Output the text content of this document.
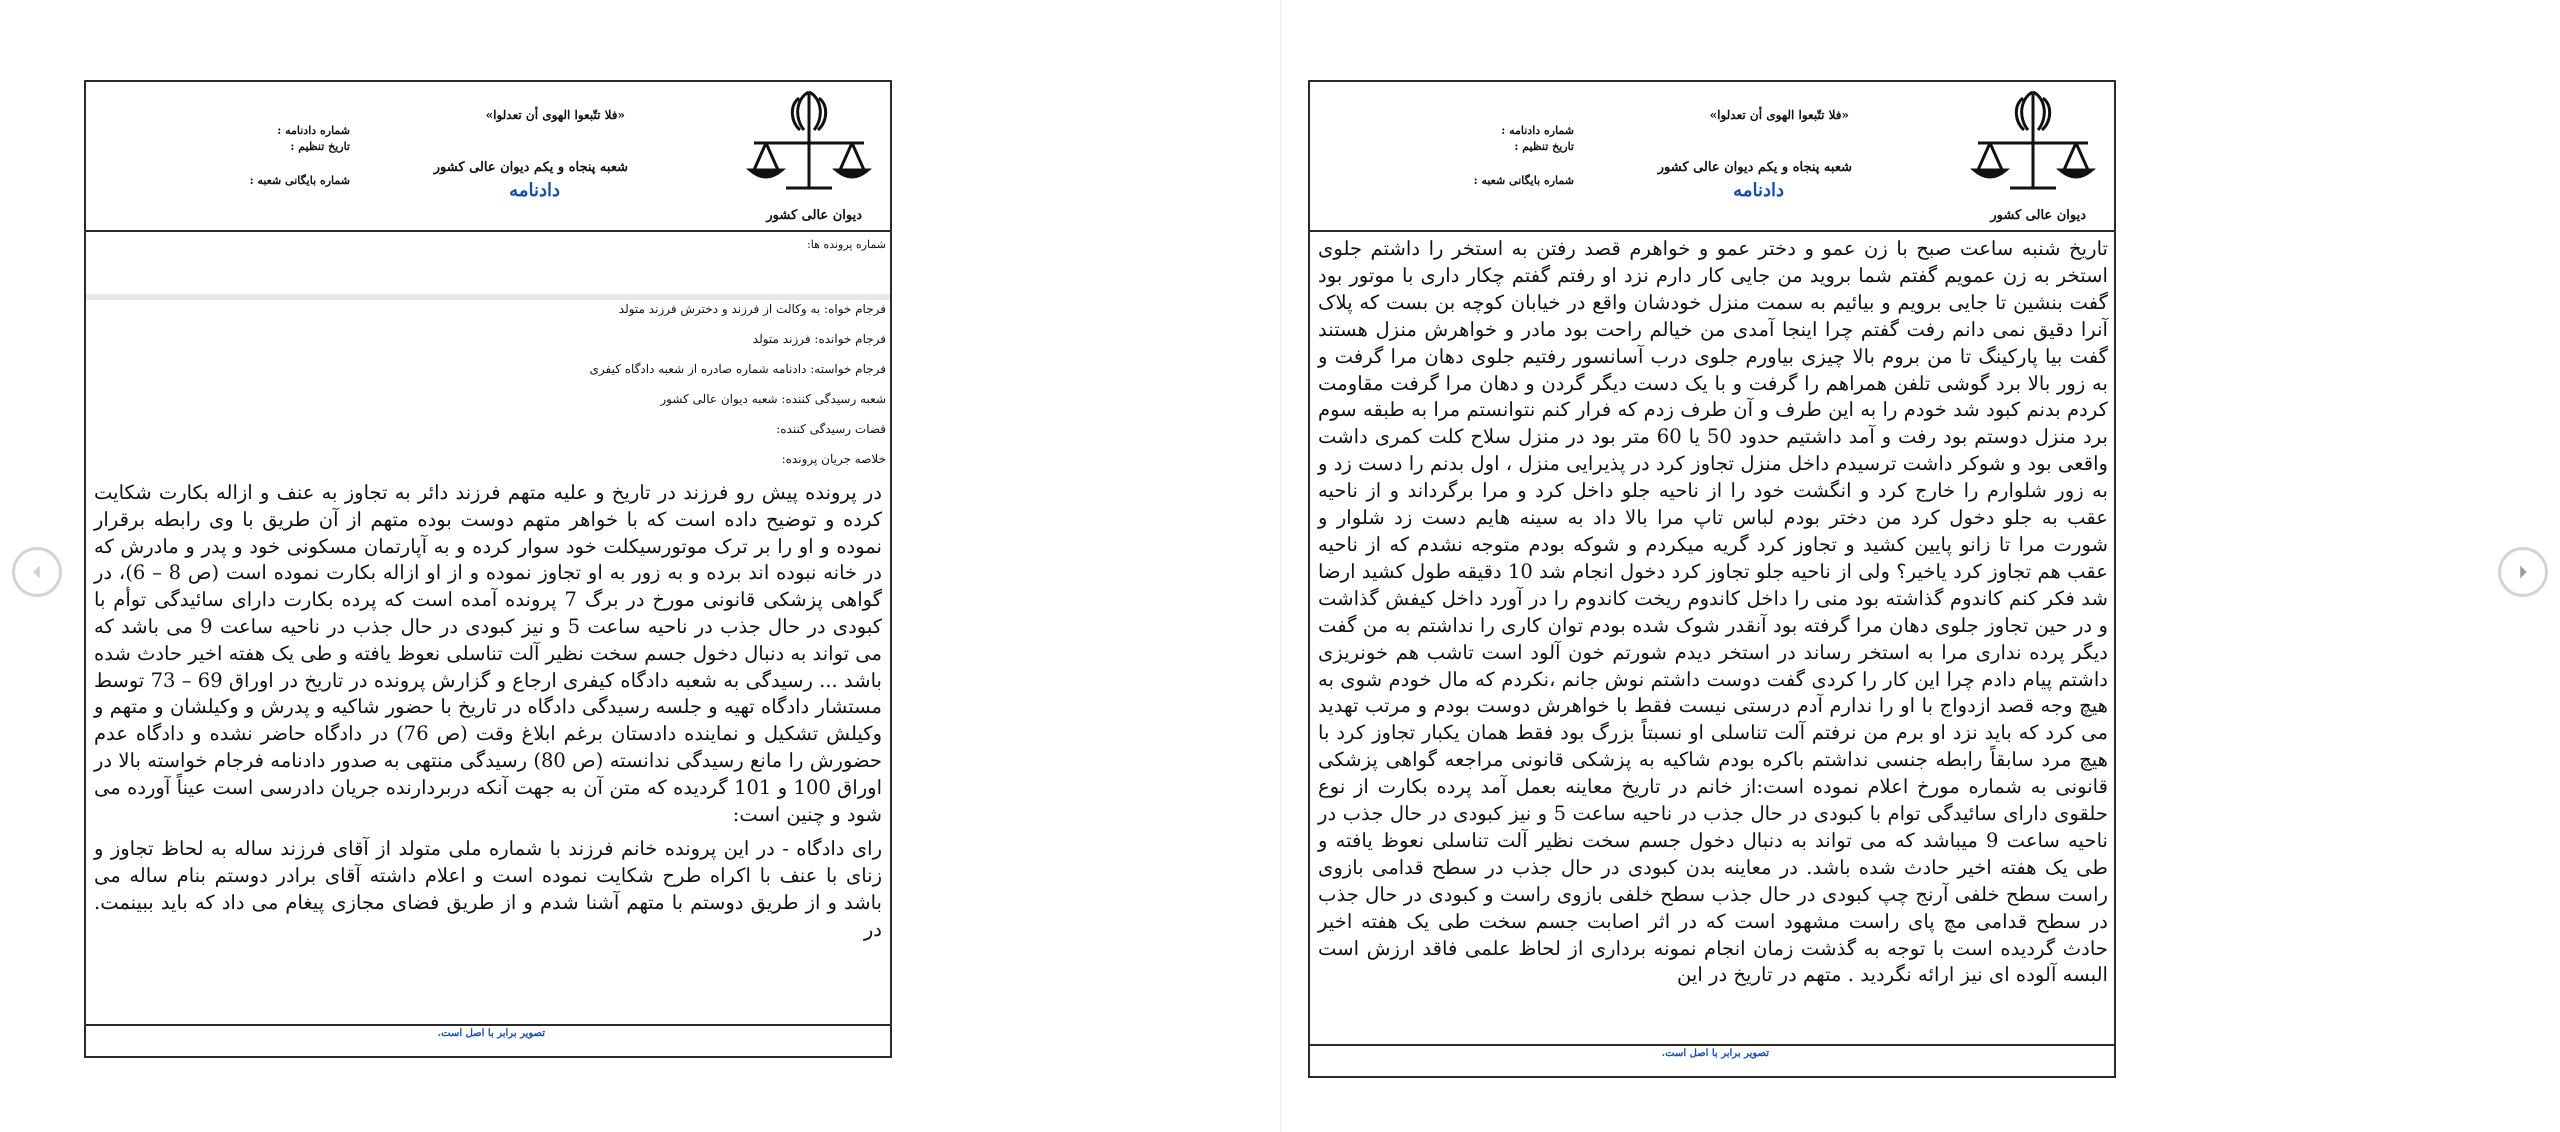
دیوان عالی کشور
«فلا تتّبعوا الهوی أن تعدلوا»
شعبه پنجاه و یکم دیوان عالی کشور
دادنامه
شماره دادنامه :
تاریخ تنظیم :
شماره بایگانی شعبه :
شماره پرونده ها:
فرجام خواه: به وکالت از فرزند و دخترش فرزند متولد
فرجام خوانده: فرزند متولد
فرجام خواسته: دادنامه شماره صادره از شعبه دادگاه کیفری
شعبه رسیدگی کننده: شعبه دیوان عالی کشور
قضات رسیدگی کننده:
خلاصه جریان پرونده:
در پرونده پیش رو فرزند در تاریخ و علیه متهم فرزند دائر به تجاوز به عنف و ازاله بکارت شکایت کرده و توضیح داده است که با خواهر متهم دوست بوده متهم از آن طریق با وی رابطه برقرار نموده و او را بر ترک موتورسیکلت خود سوار کرده و به آپارتمان مسکونی خود و پدر و مادرش که در خانه نبوده اند برده و به زور به او تجاوز نموده و از او ازاله بکارت نموده است (ص 8 – 6)، در گواهی پزشکی قانونی مورخ در برگ 7 پرونده آمده است که پرده بکارت دارای سائیدگی توأم با کبودی در حال جذب در ناحیه ساعت 5 و نیز کبودی در حال جذب در ناحیه ساعت 9 می باشد که می تواند به دنبال دخول جسم سخت نظیر آلت تناسلی نعوظ یافته و طی یک هفته اخیر حادث شده باشد ... رسیدگی به شعبه دادگاه کیفری ارجاع و گزارش پرونده در تاریخ در اوراق 69 – 73 توسط مستشار دادگاه تهیه و جلسه رسیدگی دادگاه در تاریخ با حضور شاکیه و پدرش و وکیلشان و متهم و وکیلش تشکیل و نماینده دادستان برغم ابلاغ وقت (ص 76) در دادگاه حاضر نشده و دادگاه عدم حضورش را مانع رسیدگی ندانسته (ص 80) رسیدگی منتهی به صدور دادنامه فرجام خواسته بالا در اوراق 100 و 101 گردیده که متن آن به جهت آنکه دربردارنده جریان دادرسی است عیناً آورده می شود و چنین است:
رای دادگاه - در این پرونده خانم فرزند با شماره ملی متولد از آقای فرزند ساله به لحاظ تجاوز و زنای با عنف با اکراه طرح شکایت نموده است و اعلام داشته آقای برادر دوستم بنام ساله می باشد و از طریق دوستم با متهم آشنا شدم و از طریق فضای مجازی پیغام می داد که باید ببینمت. در
تصویر برابر با اصل است.
دیوان عالی کشور
«فلا تتّبعوا الهوی أن تعدلوا»
شعبه پنجاه و یکم دیوان عالی کشور
دادنامه
شماره دادنامه :
تاریخ تنظیم :
شماره بایگانی شعبه :
تاریخ شنبه ساعت صبح با زن عمو و دختر عمو و خواهرم قصد رفتن به استخر را داشتم جلوی استخر به زن عمویم گفتم شما بروید من جایی کار دارم نزد او رفتم گفتم چکار داری با موتور بود گفت بنشین تا جایی برویم و بیائیم به سمت منزل خودشان واقع در خیابان کوچه بن بست که پلاک آنرا دقیق نمی دانم رفت گفتم چرا اینجا آمدی من خیالم راحت بود مادر و خواهرش منزل هستند گفت بیا پارکینگ تا من بروم بالا چیزی بیاورم جلوی درب آسانسور رفتیم جلوی دهان مرا گرفت و به زور بالا برد گوشی تلفن همراهم را گرفت و با یک دست دیگر گردن و دهان مرا گرفت مقاومت کردم بدنم کبود شد خودم را به این طرف و آن طرف زدم که فرار کنم نتوانستم مرا به طبقه سوم برد منزل دوستم بود رفت و آمد داشتیم حدود 50 یا 60 متر بود در منزل سلاح کلت کمری داشت واقعی بود و شوکر داشت ترسیدم داخل منزل تجاوز کرد در پذیرایی منزل ، اول بدنم را دست زد و به زور شلوارم را خارج کرد و انگشت خود را از ناحیه جلو داخل کرد و مرا برگرداند و از ناحیه عقب به جلو دخول کرد من دختر بودم لباس تاپ مرا بالا داد به سینه هایم دست زد شلوار و شورت مرا تا زانو پایین کشید و تجاوز کرد گریه میکردم و شوکه بودم متوجه نشدم که از ناحیه عقب هم تجاوز کرد یاخیر؟ ولی از ناحیه جلو تجاوز کرد دخول انجام شد 10 دقیقه طول کشید ارضا شد فکر کنم کاندوم گذاشته بود منی را داخل کاندوم ریخت کاندوم را در آورد داخل کیفش گذاشت و در حین تجاوز جلوی دهان مرا گرفته بود آنقدر شوک شده بودم توان کاری را نداشتم به من گفت دیگر پرده نداری مرا به استخر رساند در استخر دیدم شورتم خون آلود است تاشب هم خونریزی داشتم پیام دادم چرا این کار را کردی گفت دوست داشتم نوش جانم ،نکردم که مال خودم شوی به هیچ وجه قصد ازدواج با او را ندارم آدم درستی نیست فقط با خواهرش دوست بودم و مرتب تهدید می کرد که باید نزد او برم من نرفتم آلت تناسلی او نسبتاً بزرگ بود فقط همان یکبار تجاوز کرد با هیچ مرد سابقاً رابطه جنسی نداشتم باکره بودم شاکیه به پزشکی قانونی مراجعه گواهی پزشکی قانونی به شماره مورخ اعلام نموده است:از خانم در تاریخ معاینه بعمل آمد پرده بکارت از نوع حلقوی دارای سائیدگی توام با کبودی در حال جذب در ناحیه ساعت 5 و نیز کبودی در حال جذب در ناحیه ساعت 9 میباشد که می تواند به دنبال دخول جسم سخت نظیر آلت تناسلی نعوظ یافته و طی یک هفته اخیر حادث شده باشد. در معاینه بدن کبودی در حال جذب در سطح قدامی بازوی راست سطح خلفی آرنج چپ کبودی در حال جذب سطح خلفی بازوی راست و کبودی در حال جذب در سطح قدامی مچ پای راست مشهود است که در اثر اصابت جسم سخت طی یک هفته اخیر حادث گردیده است با توجه به گذشت زمان انجام نمونه برداری از لحاظ علمی فاقد ارزش است البسه آلوده ای نیز ارائه نگردید . متهم در تاریخ در این
تصویر برابر با اصل است.
